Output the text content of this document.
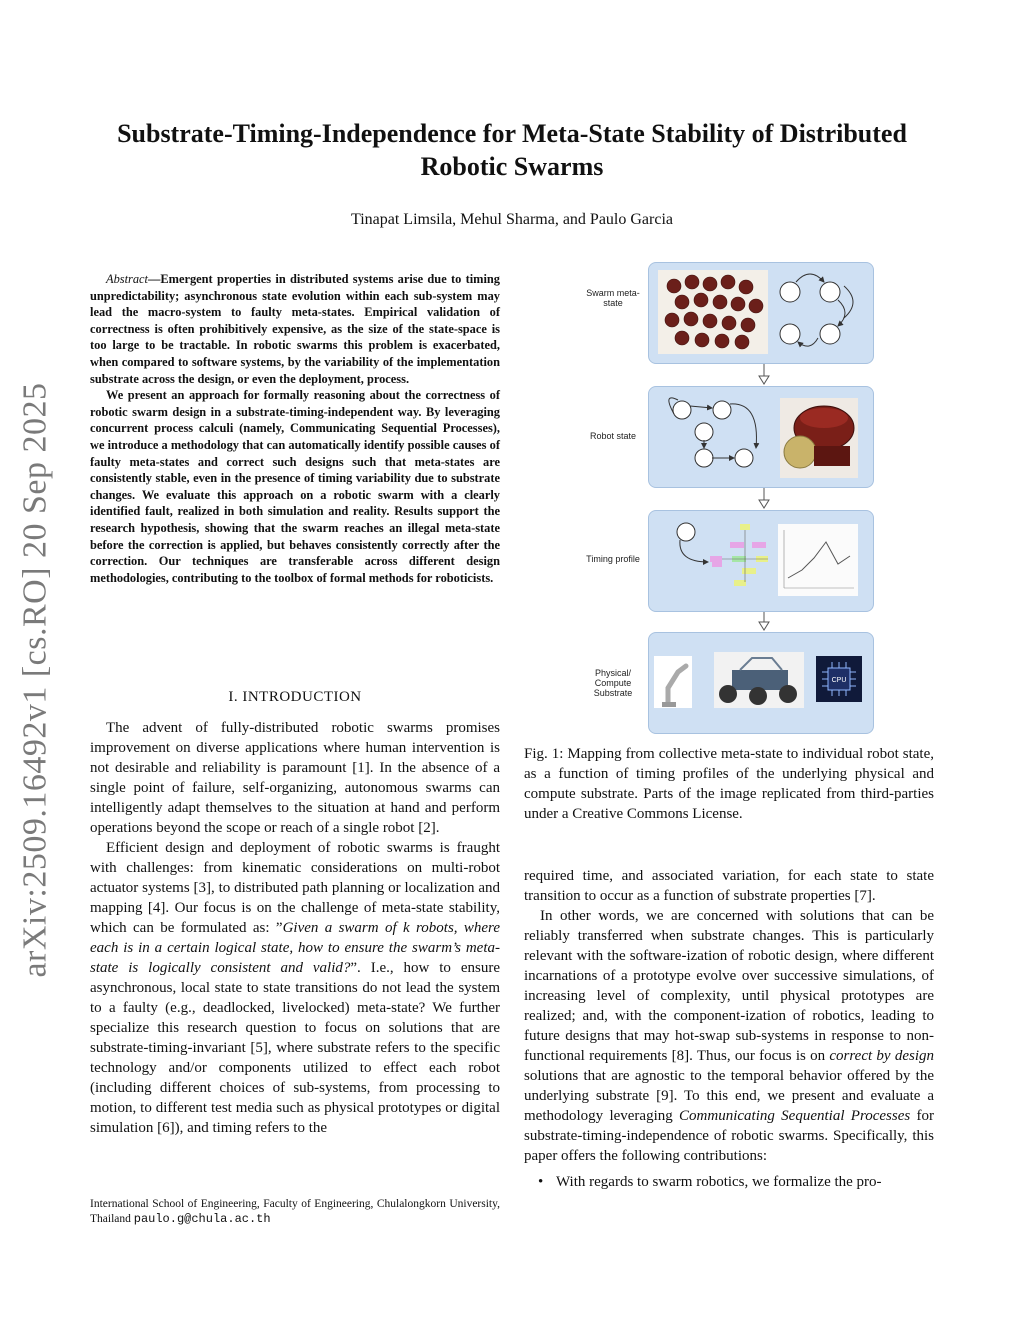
arXiv:2509.16492v1 [cs.RO] 20 Sep 2025
Substrate-Timing-Independence for Meta-State Stability of Distributed
Robotic Swarms
Tinapat Limsila, Mehul Sharma, and Paulo Garcia

Abstract—Emergent properties in distributed systems arise due to timing unpredictability; asynchronous state evolution within each sub-system may lead the macro-system to faulty meta-states. Empirical validation of correctness is often prohibitively expensive, as the size of the state-space is too large to be tractable. In robotic swarms this problem is exacerbated, when compared to software systems, by the variability of the implementation substrate across the design, or even the deployment, process.

We present an approach for formally reasoning about the correctness of robotic swarm design in a substrate-timing-independent way. By leveraging concurrent process calculi (namely, Communicating Sequential Processes), we introduce a methodology that can automatically identify possible causes of faulty meta-states and correct such designs such that meta-states are consistently stable, even in the presence of timing variability due to substrate changes. We evaluate this approach on a robotic swarm with a clearly identified fault, realized in both simulation and reality. Results support the research hypothesis, showing that the swarm reaches an illegal meta-state before the correction is applied, but behaves consistently correctly after the correction. Our techniques are transferable across different design methodologies, contributing to the toolbox of formal methods for roboticists.

I. INTRODUCTION

The advent of fully-distributed robotic swarms promises improvement on diverse applications where human intervention is not desirable and reliability is paramount [1]. In the absence of a single point of failure, self-organizing, autonomous swarms can intelligently adapt themselves to the situation at hand and perform operations beyond the scope or reach of a single robot [2].

Efficient design and deployment of robotic swarms is fraught with challenges: from kinematic considerations on multi-robot actuator systems [3], to distributed path planning or localization and mapping [4]. Our focus is on the challenge of meta-state stability, which can be formulated as: ”Given a swarm of k robots, where each is in a certain logical state, how to ensure the swarm’s meta-state is logically consistent and valid?”. I.e., how to ensure asynchronous, local state to state transitions do not lead the system to a faulty (e.g., deadlocked, livelocked) meta-state? We further specialize this research question to focus on solutions that are substrate-timing-invariant [5], where substrate refers to the specific technology and/or components utilized to effect each robot (including different choices of sub-systems, from processing to motion, to different test media such as physical prototypes or digital simulation [6]), and timing refers to the

International School of Engineering, Faculty of Engineering, Chulalongkorn University, Thailand paulo.g@chula.ac.th
Swarm meta-state
Robot state
Timing profile
Physical/ Compute Substrate
CPU
Fig. 1: Mapping from collective meta-state to individual robot state, as a function of timing profiles of the underlying physical and compute substrate. Parts of the image replicated from third-parties under a Creative Commons License.

required time, and associated variation, for each state to state transition to occur as a function of substrate properties [7].

In other words, we are concerned with solutions that can be reliably transferred when substrate changes. This is particularly relevant with the software-ization of robotic design, where different incarnations of a prototype evolve over successive simulations, of increasing level of complexity, until physical prototypes are realized; and, with the component-ization of robotics, leading to future designs that may hot-swap sub-systems in response to non-functional requirements [8]. Thus, our focus is on correct by design solutions that are agnostic to the temporal behavior offered by the underlying substrate [9]. To this end, we present and evaluate a methodology leveraging Communicating Sequential Processes for substrate-timing-independence of robotic swarms. Specifically, this paper offers the following contributions:

• With regards to swarm robotics, we formalize the pro-
